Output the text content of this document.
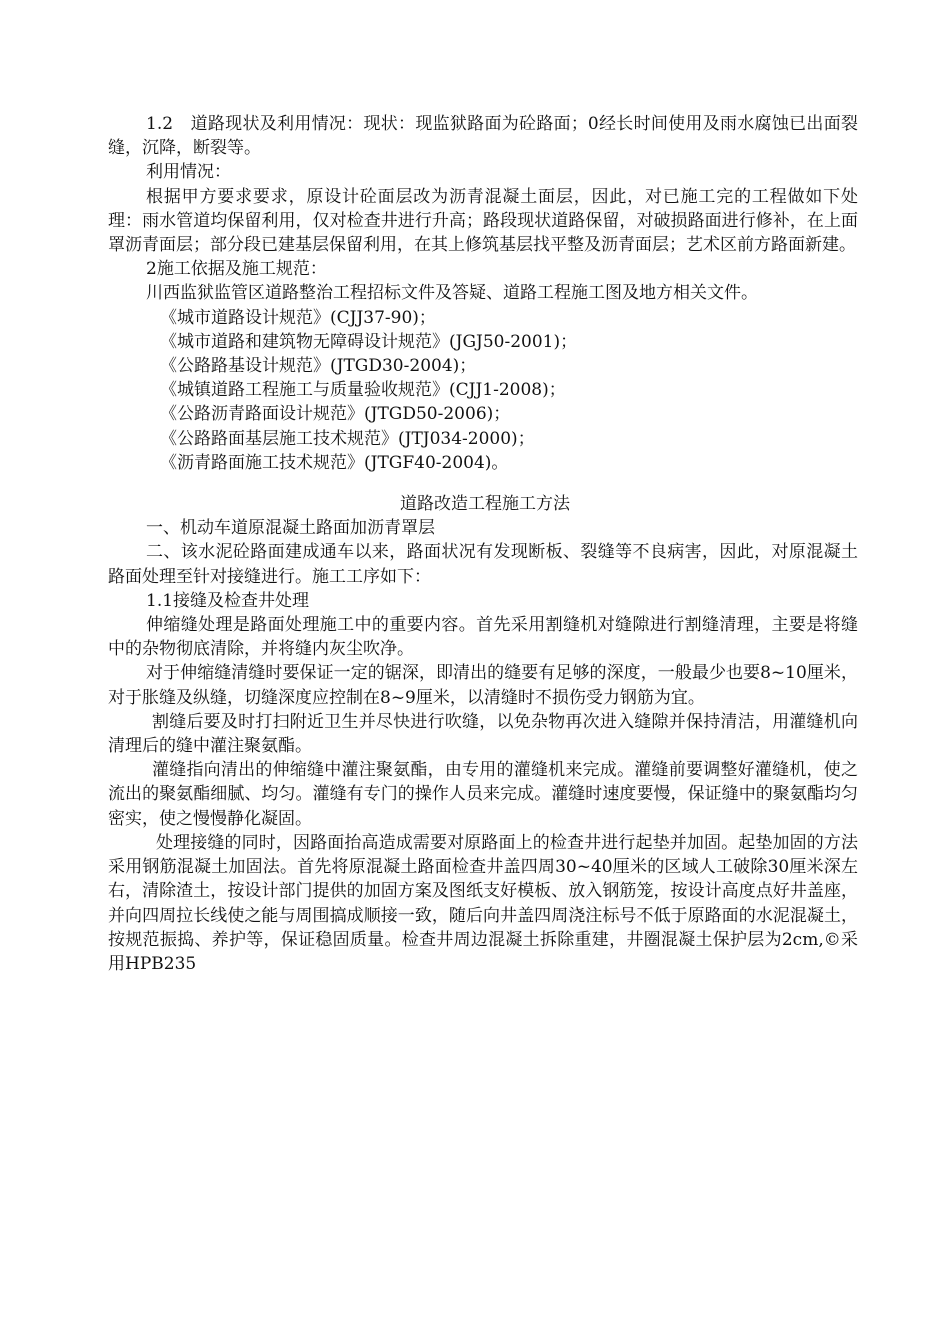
1.2　道路现状及利用情况：现状：现监狱路面为砼路面；0经长时间使用及雨水腐蚀已出面裂缝，沉降，断裂等。

利用情况：

根据甲方要求要求，原设计砼面层改为沥青混凝土面层，因此，对已施工完的工程做如下处理：雨水管道均保留利用，仅对检查井进行升高；路段现状道路保留，对破损路面进行修补，在上面罩沥青面层；部分段已建基层保留利用，在其上修筑基层找平整及沥青面层；艺术区前方路面新建。

2施工依据及施工规范：

川西监狱监管区道路整治工程招标文件及答疑、道路工程施工图及地方相关文件。

《城市道路设计规范》(CJJ37-90)；

《城市道路和建筑物无障碍设计规范》(JGJ50-2001)；

《公路路基设计规范》(JTGD30-2004)；

《城镇道路工程施工与质量验收规范》(CJJ1-2008)；

《公路沥青路面设计规范》(JTGD50-2006)；

《公路路面基层施工技术规范》(JTJ034-2000)；

《沥青路面施工技术规范》(JTGF40-2004)。

道路改造工程施工方法

一、机动车道原混凝土路面加沥青罩层

二、该水泥砼路面建成通车以来，路面状况有发现断板、裂缝等不良病害，因此，对原混凝土路面处理至针对接缝进行。施工工序如下：

1.1接缝及检查井处理

伸缩缝处理是路面处理施工中的重要内容。首先采用割缝机对缝隙进行割缝清理，主要是将缝中的杂物彻底清除，并将缝内灰尘吹净。

对于伸缩缝清缝时要保证一定的锯深，即清出的缝要有足够的深度，一般最少也要8~10厘米，对于胀缝及纵缝，切缝深度应控制在8~9厘米，以清缝时不损伤受力钢筋为宜。

割缝后要及时打扫附近卫生并尽快进行吹缝，以免杂物再次进入缝隙并保持清洁，用灌缝机向清理后的缝中灌注聚氨酯。

灌缝指向清出的伸缩缝中灌注聚氨酯，由专用的灌缝机来完成。灌缝前要调整好灌缝机，使之流出的聚氨酯细腻、均匀。灌缝有专门的操作人员来完成。灌缝时速度要慢，保证缝中的聚氨酯均匀密实，使之慢慢静化凝固。

处理接缝的同时，因路面抬高造成需要对原路面上的检查井进行起垫并加固。起垫加固的方法采用钢筋混凝土加固法。首先将原混凝土路面检查井盖四周30~40厘米的区域人工破除30厘米深左右，清除渣土，按设计部门提供的加固方案及图纸支好模板、放入钢筋笼，按设计高度点好井盖座，并向四周拉长线使之能与周围搞成顺接一致，随后向井盖四周浇注标号不低于原路面的水泥混凝土，按规范振捣、养护等，保证稳固质量。检查井周边混凝土拆除重建，井圈混凝土保护层为2cm,©采用HPB235
